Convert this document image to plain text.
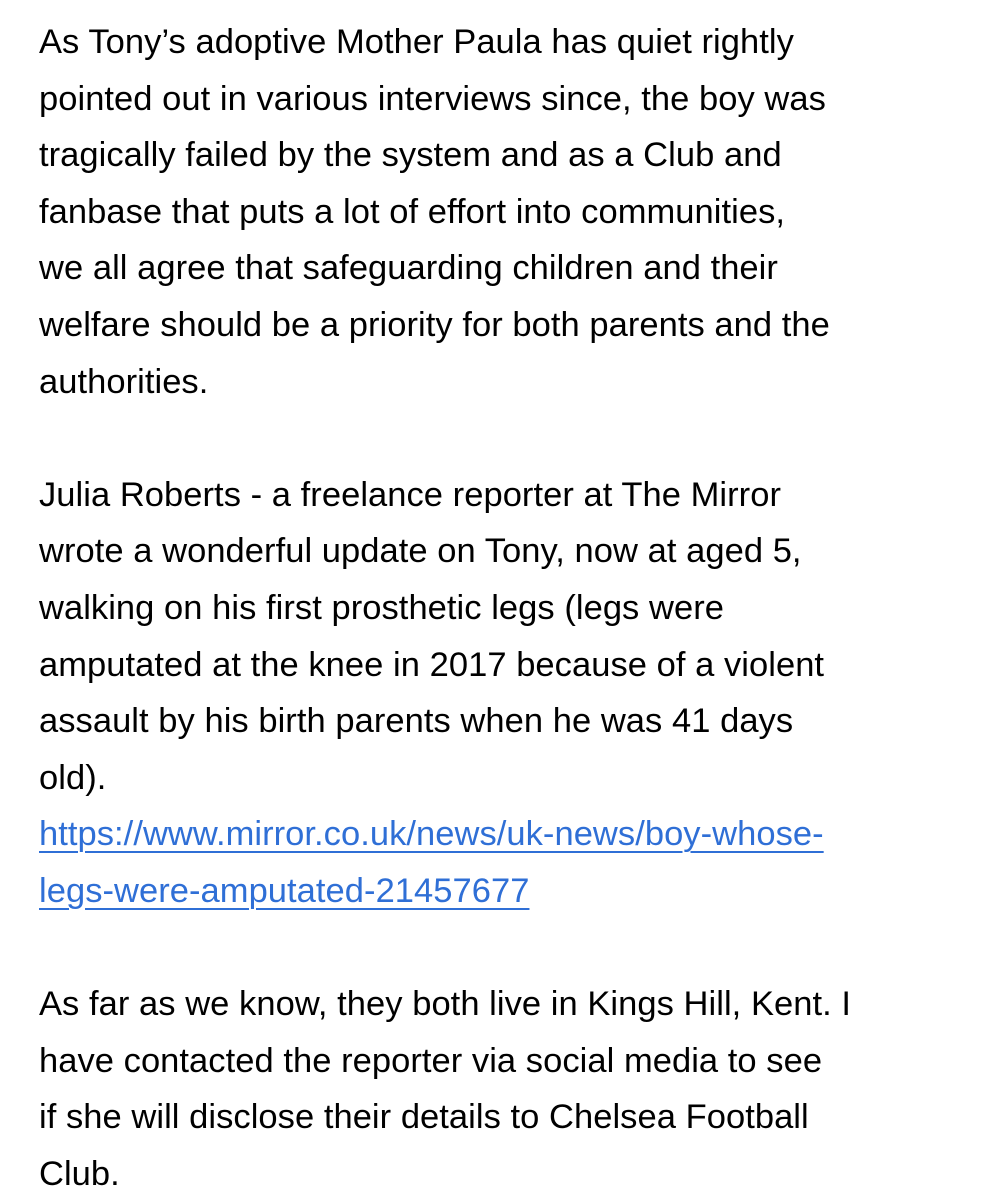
As Tony’s adoptive Mother Paula has quiet rightly
pointed out in various interviews since, the boy was
tragically failed by the system and as a Club and
fanbase that puts a lot of effort into communities,
we all agree that safeguarding children and their
welfare should be a priority for both parents and the
authorities.

Julia Roberts - a freelance reporter at The Mirror
wrote a wonderful update on Tony, now at aged 5,
walking on his first prosthetic legs (legs were
amputated at the knee in 2017 because of a violent
assault by his birth parents when he was 41 days
old).
https://www.mirror.co.uk/news/uk-news/boy-whose-
legs-were-amputated-21457677

As far as we know, they both live in Kings Hill, Kent. I
have contacted the reporter via social media to see
if she will disclose their details to Chelsea Football
Club.
